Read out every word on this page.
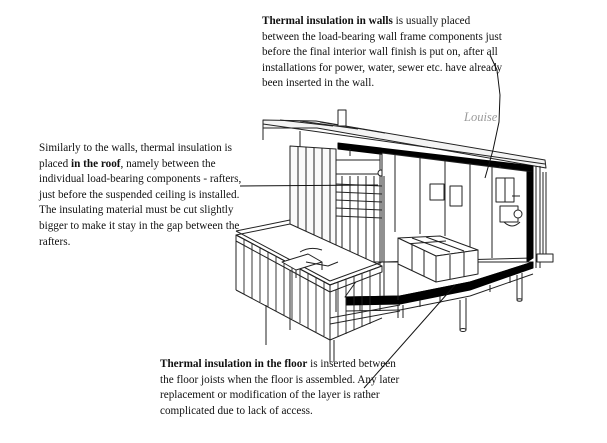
Thermal insulation in walls is usually placed between the load-bearing wall frame components just before the final interior wall finish is put on, after all installations for power, water, sewer etc. have already been inserted in the wall.

Similarly to the walls, thermal insulation is placed in the roof, namely between the individual load-bearing components - rafters, just before the suspended ceiling is installed. The insulating material must be cut slightly bigger to make it stay in the gap between the rafters.

Thermal insulation in the floor is inserted between the floor joists when the floor is assembled. Any later replacement or modification of the layer is rather complicated due to lack of access.

Louise
